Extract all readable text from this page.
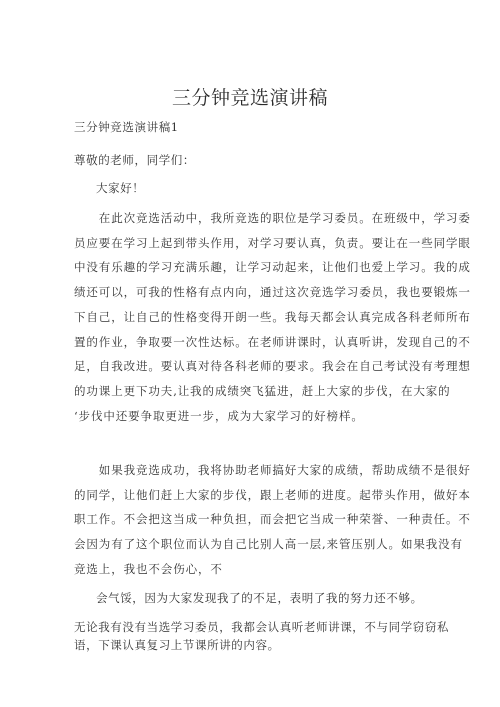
三分钟竞选演讲稿
三分钟竞选演讲稿1
尊敬的老师，同学们：
大家好！
　　在此次竞选活动中，我所竞选的职位是学习委员。在班级中，学习委
员应要在学习上起到带头作用，对学习要认真，负责。要让在一些同学眼
中没有乐趣的学习充满乐趣，让学习动起来，让他们也爱上学习。我的成
绩还可以，可我的性格有点内向，通过这次竞选学习委员，我也要锻炼一
下自己，让自己的性格变得开朗一些。我每天都会认真完成各科老师所布
置的作业，争取要一次性达标。在老师讲课时，认真听讲，发现自己的不
足，自我改进。要认真对待各科老师的要求。我会在自己考试没有考理想
的功课上更下功夫,让我的成绩突飞猛进，赶上大家的步伐，在大家的
‘步伐中还要争取更进一步，成为大家学习的好榜样。
　　如果我竞选成功，我将协助老师搞好大家的成绩，帮助成绩不是很好
的同学，让他们赶上大家的步伐，跟上老师的进度。起带头作用，做好本
职工作。不会把这当成一种负担，而会把它当成一种荣誉、一种责任。不
会因为有了这个职位而认为自己比别人高一层,来管压别人。如果我没有
竞选上，我也不会伤心，不
会气馁，因为大家发现我了的不足，表明了我的努力还不够。
无论我有没有当选学习委员，我都会认真听老师讲课，不与同学窃窃私
语，下课认真复习上节课所讲的内容。
